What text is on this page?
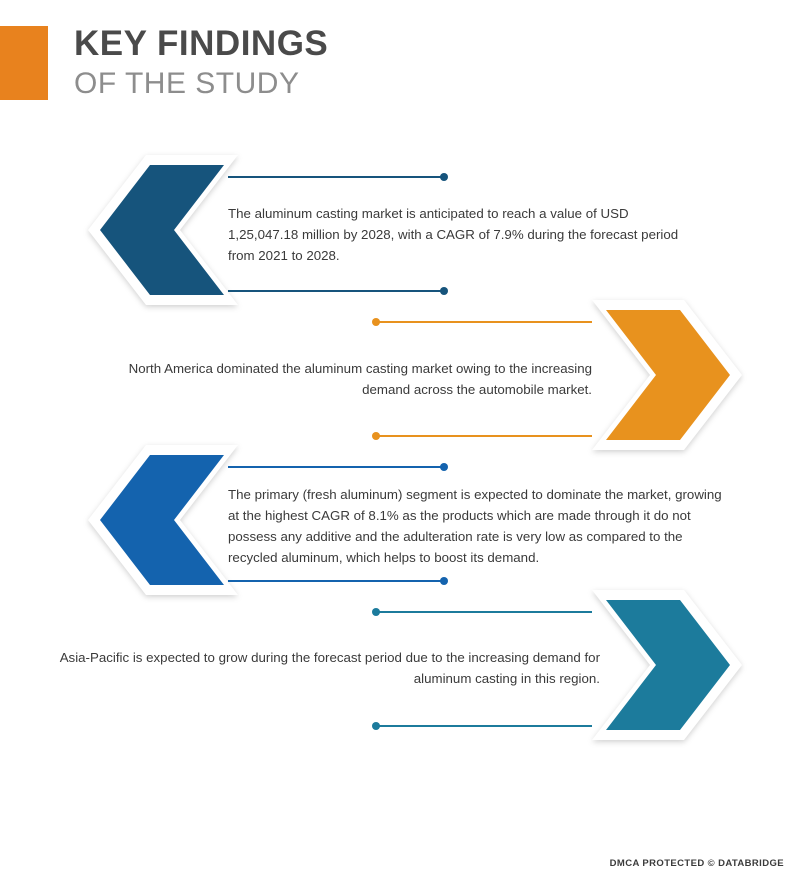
KEY FINDINGS
OF THE STUDY
The aluminum casting market is anticipated to reach a value of USD 1,25,047.18 million by 2028, with a CAGR of 7.9% during the forecast period from 2021 to 2028.
North America dominated the aluminum casting market owing to the increasing demand across the automobile market.
The primary (fresh aluminum) segment is expected to dominate the market, growing at the highest CAGR of 8.1% as the products which are made through it do not possess any additive and the adulteration rate is very low as compared to the recycled aluminum, which helps to boost its demand.
Asia-Pacific is expected to grow during the forecast period due to the increasing demand for aluminum casting in this region.
DMCA PROTECTED © DATABRIDGE
